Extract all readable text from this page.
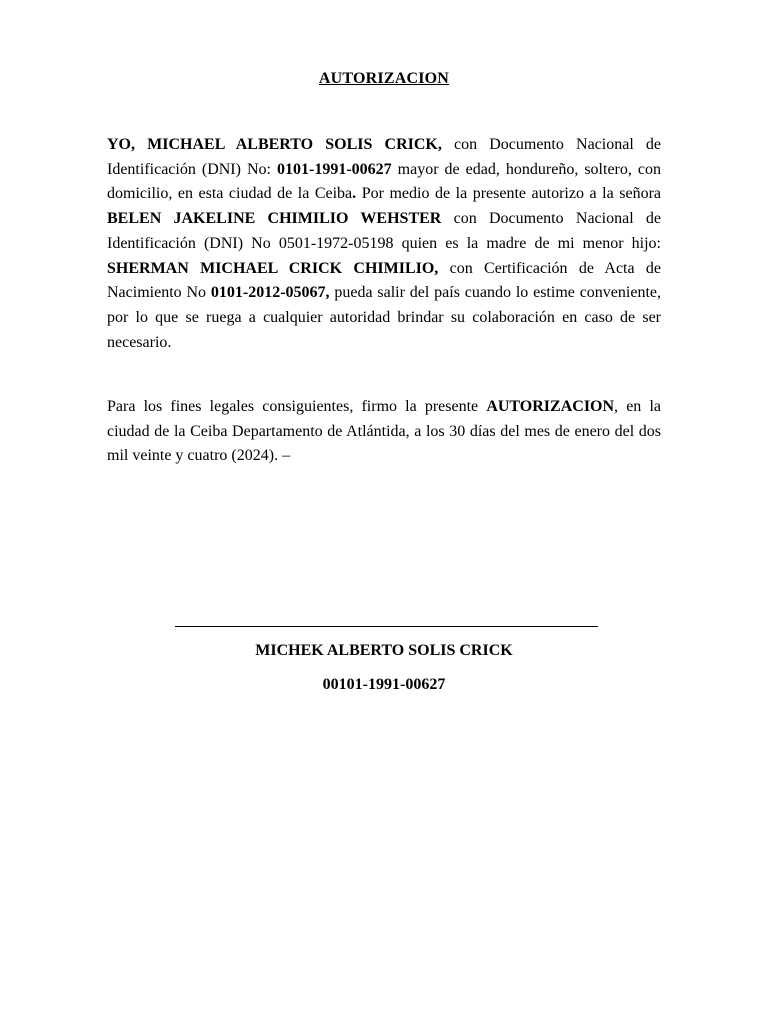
AUTORIZACION
YO, MICHAEL ALBERTO SOLIS CRICK, con Documento Nacional de Identificación (DNI) No: 0101-1991-00627 mayor de edad, hondureño, soltero, con domicilio, en esta ciudad de la Ceiba. Por medio de la presente autorizo a la señora BELEN JAKELINE CHIMILIO WEHSTER con Documento Nacional de Identificación (DNI) No 0501-1972-05198 quien es la madre de mi menor hijo: SHERMAN MICHAEL CRICK CHIMILIO, con Certificación de Acta de Nacimiento No 0101-2012-05067, pueda salir del país cuando lo estime conveniente, por lo que se ruega a cualquier autoridad brindar su colaboración en caso de ser necesario.
Para los fines legales consiguientes, firmo la presente AUTORIZACION, en la ciudad de la Ceiba Departamento de Atlántida, a los 30 días del mes de enero del dos mil veinte y cuatro (2024). –
MICHEK ALBERTO SOLIS CRICK
00101-1991-00627
